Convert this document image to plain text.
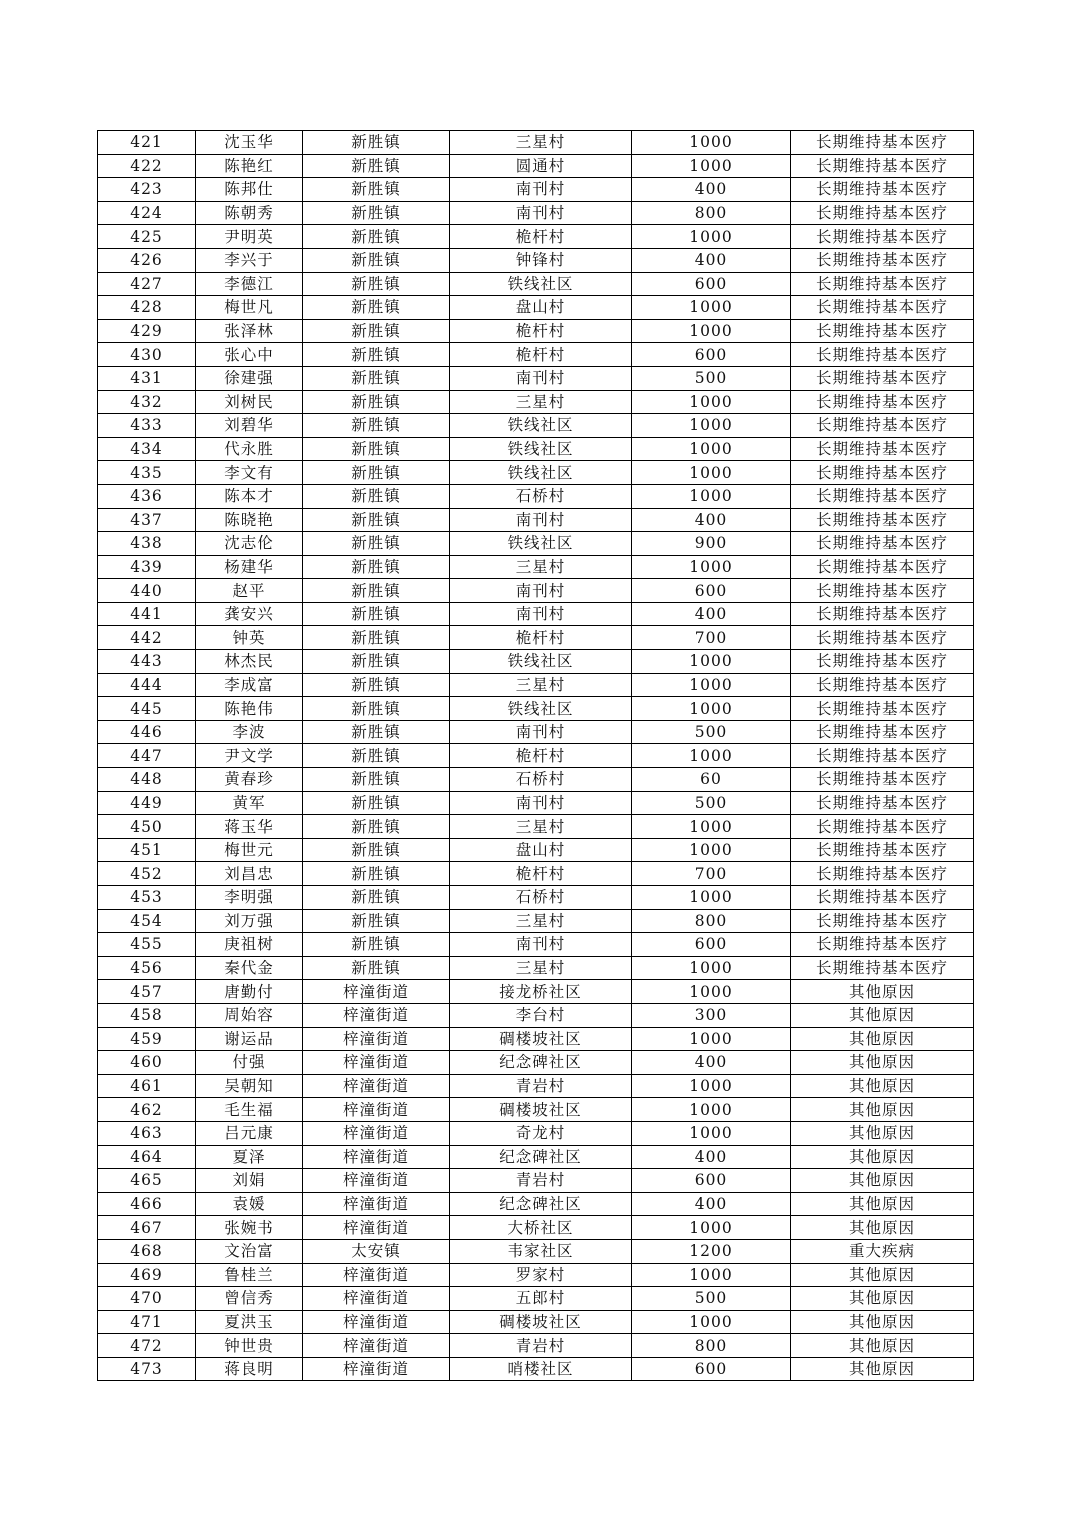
421	沈玉华	新胜镇	三星村	1000	长期维持基本医疗
422	陈艳红	新胜镇	圆通村	1000	长期维持基本医疗
423	陈邦仕	新胜镇	南刊村	400	长期维持基本医疗
424	陈朝秀	新胜镇	南刊村	800	长期维持基本医疗
425	尹明英	新胜镇	桅杆村	1000	长期维持基本医疗
426	李兴于	新胜镇	钟锋村	400	长期维持基本医疗
427	李德江	新胜镇	铁线社区	600	长期维持基本医疗
428	梅世凡	新胜镇	盘山村	1000	长期维持基本医疗
429	张泽林	新胜镇	桅杆村	1000	长期维持基本医疗
430	张心中	新胜镇	桅杆村	600	长期维持基本医疗
431	徐建强	新胜镇	南刊村	500	长期维持基本医疗
432	刘树民	新胜镇	三星村	1000	长期维持基本医疗
433	刘碧华	新胜镇	铁线社区	1000	长期维持基本医疗
434	代永胜	新胜镇	铁线社区	1000	长期维持基本医疗
435	李文有	新胜镇	铁线社区	1000	长期维持基本医疗
436	陈本才	新胜镇	石桥村	1000	长期维持基本医疗
437	陈晓艳	新胜镇	南刊村	400	长期维持基本医疗
438	沈志伦	新胜镇	铁线社区	900	长期维持基本医疗
439	杨建华	新胜镇	三星村	1000	长期维持基本医疗
440	赵平	新胜镇	南刊村	600	长期维持基本医疗
441	龚安兴	新胜镇	南刊村	400	长期维持基本医疗
442	钟英	新胜镇	桅杆村	700	长期维持基本医疗
443	林杰民	新胜镇	铁线社区	1000	长期维持基本医疗
444	李成富	新胜镇	三星村	1000	长期维持基本医疗
445	陈艳伟	新胜镇	铁线社区	1000	长期维持基本医疗
446	李波	新胜镇	南刊村	500	长期维持基本医疗
447	尹文学	新胜镇	桅杆村	1000	长期维持基本医疗
448	黄春珍	新胜镇	石桥村	60	长期维持基本医疗
449	黄军	新胜镇	南刊村	500	长期维持基本医疗
450	蒋玉华	新胜镇	三星村	1000	长期维持基本医疗
451	梅世元	新胜镇	盘山村	1000	长期维持基本医疗
452	刘昌忠	新胜镇	桅杆村	700	长期维持基本医疗
453	李明强	新胜镇	石桥村	1000	长期维持基本医疗
454	刘万强	新胜镇	三星村	800	长期维持基本医疗
455	庚祖树	新胜镇	南刊村	600	长期维持基本医疗
456	秦代金	新胜镇	三星村	1000	长期维持基本医疗
457	唐勤付	梓潼街道	接龙桥社区	1000	其他原因
458	周始容	梓潼街道	李台村	300	其他原因
459	谢运品	梓潼街道	碉楼坡社区	1000	其他原因
460	付强	梓潼街道	纪念碑社区	400	其他原因
461	吴朝知	梓潼街道	青岩村	1000	其他原因
462	毛生福	梓潼街道	碉楼坡社区	1000	其他原因
463	吕元康	梓潼街道	奇龙村	1000	其他原因
464	夏泽	梓潼街道	纪念碑社区	400	其他原因
465	刘娟	梓潼街道	青岩村	600	其他原因
466	袁媛	梓潼街道	纪念碑社区	400	其他原因
467	张婉书	梓潼街道	大桥社区	1000	其他原因
468	文治富	太安镇	韦家社区	1200	重大疾病
469	鲁桂兰	梓潼街道	罗家村	1000	其他原因
470	曾信秀	梓潼街道	五郎村	500	其他原因
471	夏洪玉	梓潼街道	碉楼坡社区	1000	其他原因
472	钟世贵	梓潼街道	青岩村	800	其他原因
473	蒋良明	梓潼街道	哨楼社区	600	其他原因
